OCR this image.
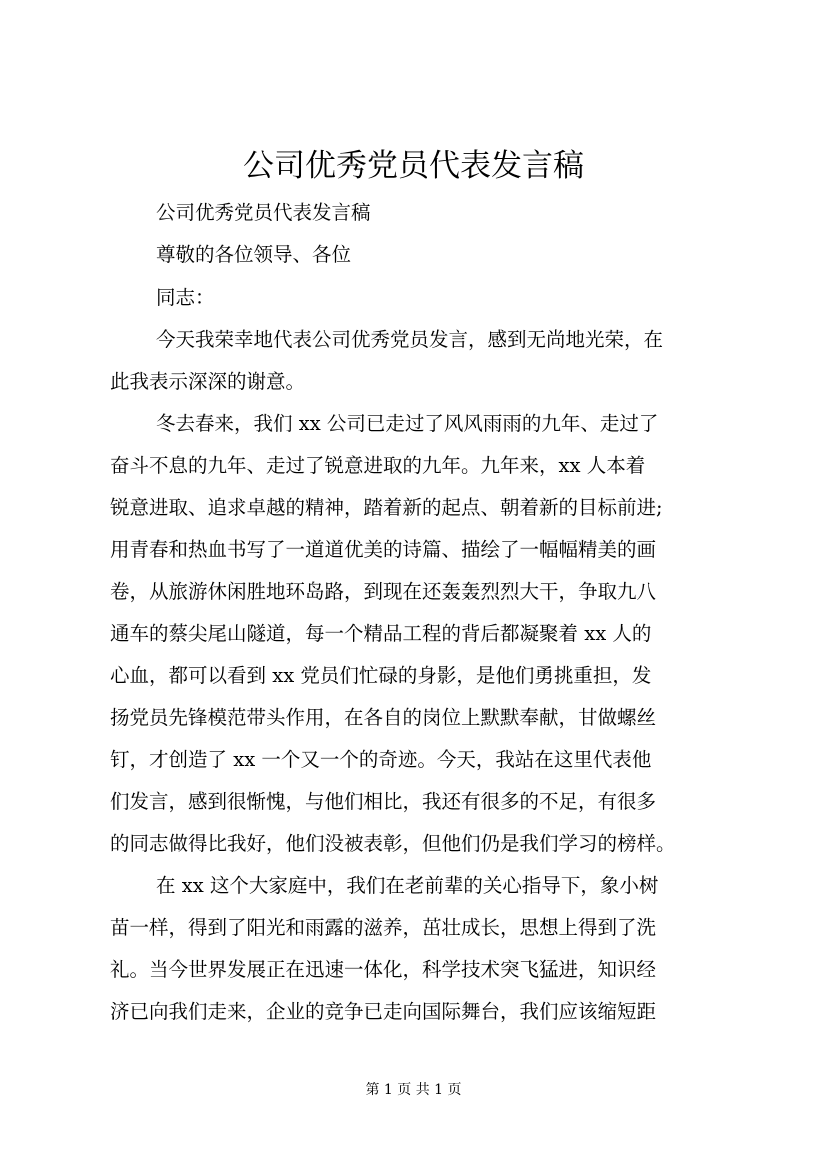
公司优秀党员代表发言稿

公司优秀党员代表发言稿

尊敬的各位领导、各位

同志：

今天我荣幸地代表公司优秀党员发言，感到无尚地光荣，在

此我表示深深的谢意。

冬去春来，我们 xx 公司已走过了风风雨雨的九年、走过了

奋斗不息的九年、走过了锐意进取的九年。九年来，xx 人本着

锐意进取、追求卓越的精神，踏着新的起点、朝着新的目标前进;

用青春和热血书写了一道道优美的诗篇、描绘了一幅幅精美的画

卷，从旅游休闲胜地环岛路，到现在还轰轰烈烈大干，争取九八

通车的蔡尖尾山隧道，每一个精品工程的背后都凝聚着 xx 人的

心血，都可以看到 xx 党员们忙碌的身影，是他们勇挑重担，发

扬党员先锋模范带头作用，在各自的岗位上默默奉献，甘做螺丝

钉，才创造了 xx 一个又一个的奇迹。今天，我站在这里代表他

们发言，感到很惭愧，与他们相比，我还有很多的不足，有很多

的同志做得比我好，他们没被表彰，但他们仍是我们学习的榜样。

在 xx 这个大家庭中，我们在老前辈的关心指导下，象小树

苗一样，得到了阳光和雨露的滋养，茁壮成长，思想上得到了洗

礼。当今世界发展正在迅速一体化，科学技术突飞猛进，知识经

济已向我们走来，企业的竞争已走向国际舞台，我们应该缩短距

第 1 页 共 1 页
